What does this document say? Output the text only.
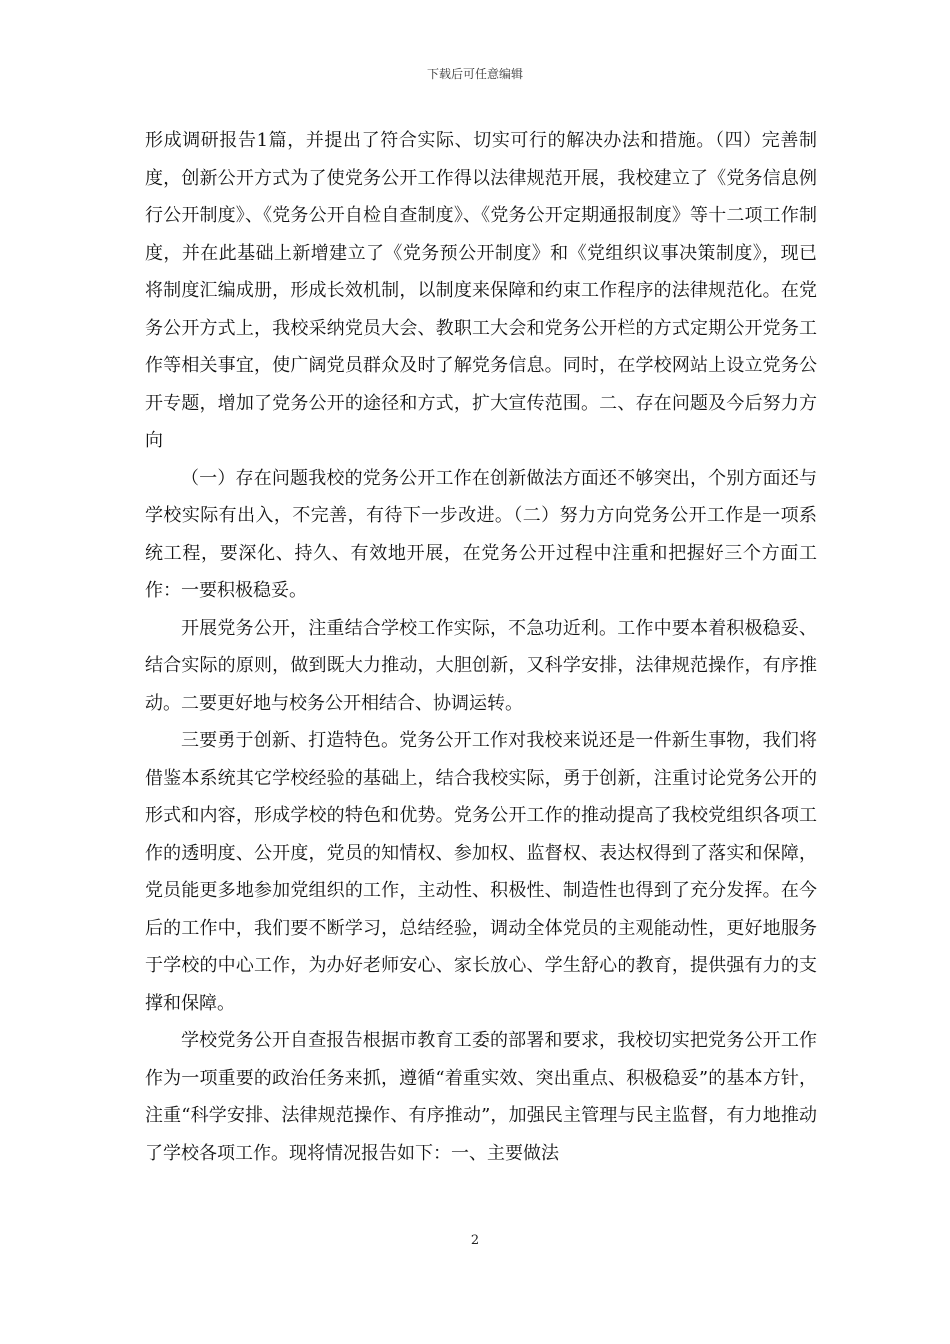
下载后可任意编辑

形成调研报告1篇，并提出了符合实际、切实可行的解决办法和措施。（四）完善制度，创新公开方式为了使党务公开工作得以法律规范开展，我校建立了《党务信息例行公开制度》、《党务公开自检自查制度》、《党务公开定期通报制度》等十二项工作制度，并在此基础上新增建立了《党务预公开制度》和《党组织议事决策制度》，现已将制度汇编成册，形成长效机制，以制度来保障和约束工作程序的法律规范化。在党务公开方式上，我校采纳党员大会、教职工大会和党务公开栏的方式定期公开党务工作等相关事宜，使广阔党员群众及时了解党务信息。同时，在学校网站上设立党务公开专题，增加了党务公开的途径和方式，扩大宣传范围。二、存在问题及今后努力方向

（一）存在问题我校的党务公开工作在创新做法方面还不够突出，个别方面还与学校实际有出入，不完善，有待下一步改进。（二）努力方向党务公开工作是一项系统工程，要深化、持久、有效地开展，在党务公开过程中注重和把握好三个方面工作：一要积极稳妥。

开展党务公开，注重结合学校工作实际，不急功近利。工作中要本着积极稳妥、结合实际的原则，做到既大力推动，大胆创新，又科学安排，法律规范操作，有序推动。二要更好地与校务公开相结合、协调运转。

三要勇于创新、打造特色。党务公开工作对我校来说还是一件新生事物，我们将借鉴本系统其它学校经验的基础上，结合我校实际，勇于创新，注重讨论党务公开的形式和内容，形成学校的特色和优势。党务公开工作的推动提高了我校党组织各项工作的透明度、公开度，党员的知情权、参加权、监督权、表达权得到了落实和保障，党员能更多地参加党组织的工作，主动性、积极性、制造性也得到了充分发挥。在今后的工作中，我们要不断学习，总结经验，调动全体党员的主观能动性，更好地服务于学校的中心工作，为办好老师安心、家长放心、学生舒心的教育，提供强有力的支撑和保障。

学校党务公开自查报告根据市教育工委的部署和要求，我校切实把党务公开工作作为一项重要的政治任务来抓，遵循“着重实效、突出重点、积极稳妥”的基本方针，注重“科学安排、法律规范操作、有序推动”，加强民主管理与民主监督，有力地推动了学校各项工作。现将情况报告如下：一、主要做法

2
